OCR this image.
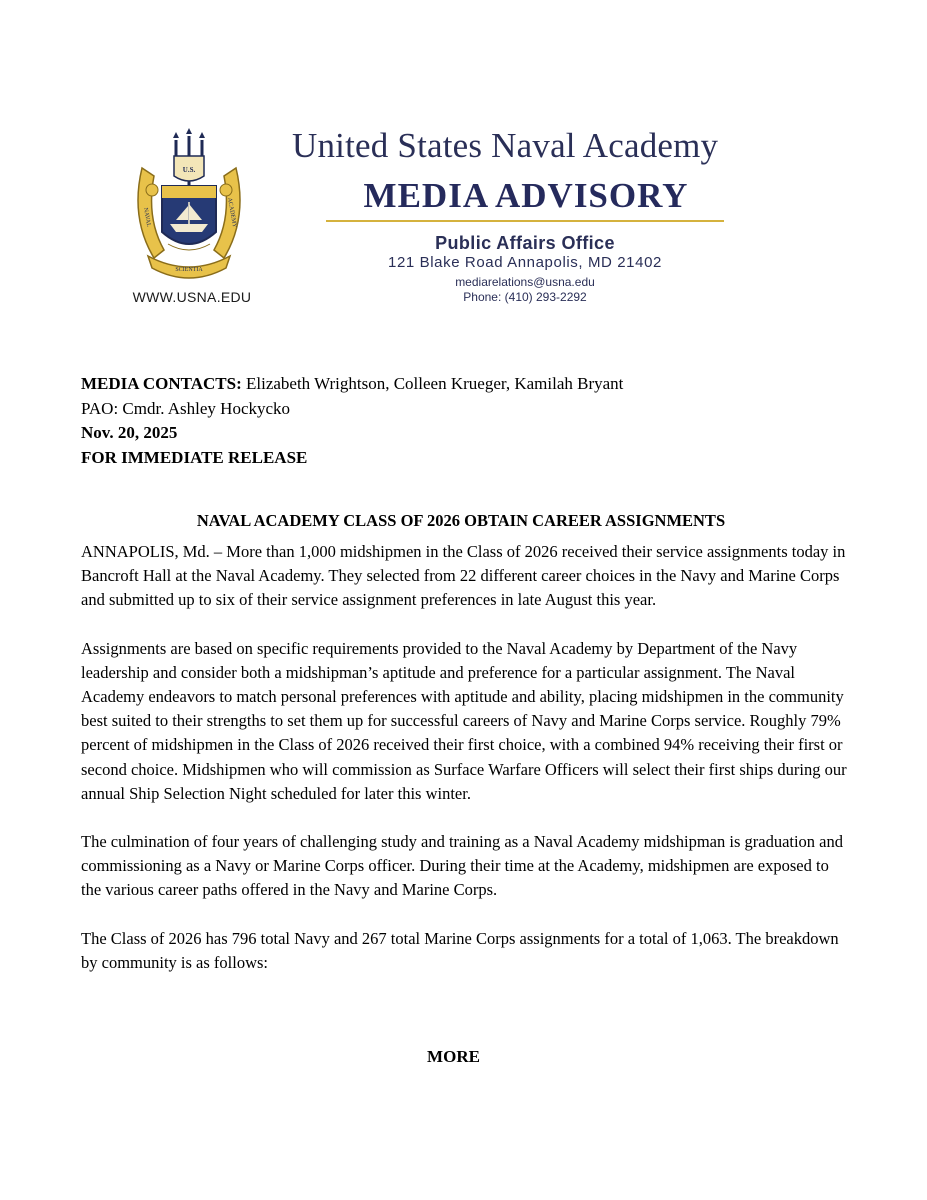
U.S.
NAVAL	ACADEMY
SCIENTIA
WWW.USNA.EDU
United States Naval Academy
MEDIA ADVISORY
Public Affairs Office
121 Blake Road Annapolis, MD 21402
mediarelations@usna.edu
Phone: (410) 293-2292
MEDIA CONTACTS: Elizabeth Wrightson, Colleen Krueger, Kamilah Bryant
PAO: Cmdr. Ashley Hockycko
Nov. 20, 2025
FOR IMMEDIATE RELEASE
NAVAL ACADEMY CLASS OF 2026 OBTAIN CAREER ASSIGNMENTS

ANNAPOLIS, Md. – More than 1,000 midshipmen in the Class of 2026 received their service assignments today in Bancroft Hall at the Naval Academy. They selected from 22 different career choices in the Navy and Marine Corps and submitted up to six of their service assignment preferences in late August this year.

Assignments are based on specific requirements provided to the Naval Academy by Department of the Navy leadership and consider both a midshipman’s aptitude and preference for a particular assignment. The Naval Academy endeavors to match personal preferences with aptitude and ability, placing midshipmen in the community best suited to their strengths to set them up for successful careers of Navy and Marine Corps service. Roughly 79% percent of midshipmen in the Class of 2026 received their first choice, with a combined 94% receiving their first or second choice. Midshipmen who will commission as Surface Warfare Officers will select their first ships during our annual Ship Selection Night scheduled for later this winter.

The culmination of four years of challenging study and training as a Naval Academy midshipman is graduation and commissioning as a Navy or Marine Corps officer. During their time at the Academy, midshipmen are exposed to the various career paths offered in the Navy and Marine Corps.

The Class of 2026 has 796 total Navy and 267 total Marine Corps assignments for a total of 1,063. The breakdown by community is as follows:

MORE
